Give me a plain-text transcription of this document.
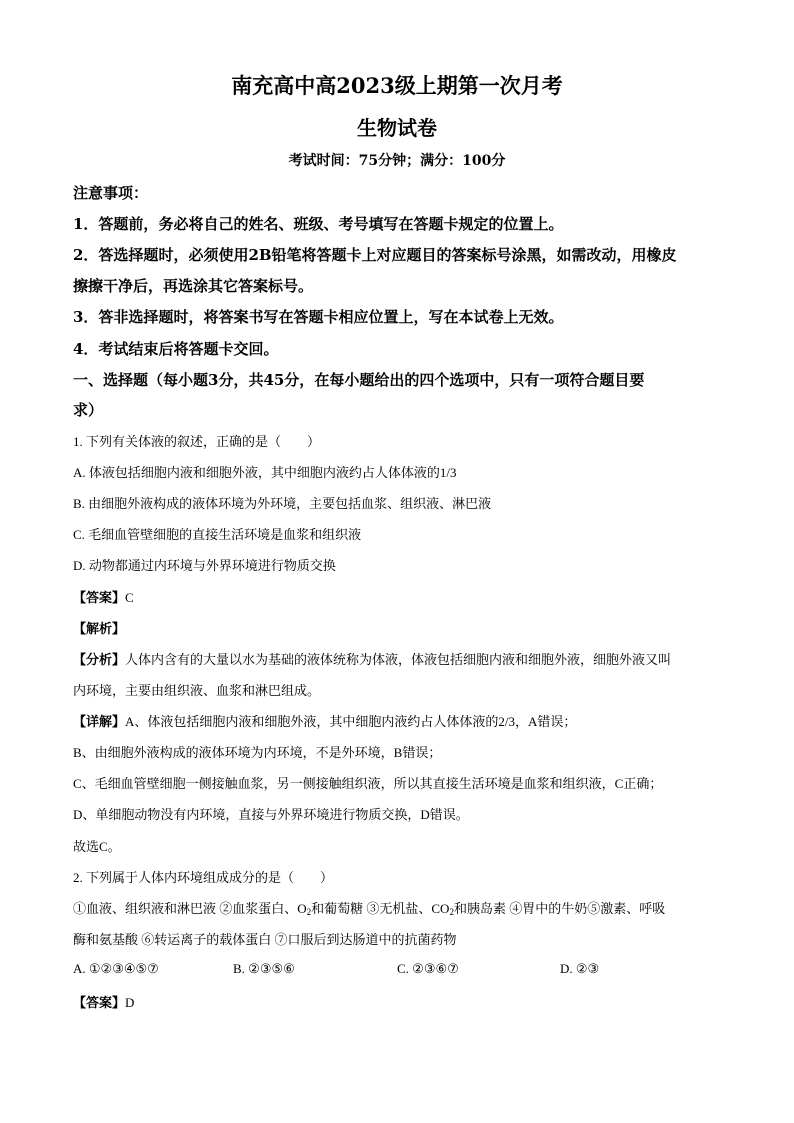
南充高中高2023级上期第一次月考
生物试卷
考试时间：75分钟；满分：100分
注意事项：
1．答题前，务必将自己的姓名、班级、考号填写在答题卡规定的位置上。
2．答选择题时，必须使用2B铅笔将答题卡上对应题目的答案标号涂黑，如需改动，用橡皮
擦擦干净后，再选涂其它答案标号。
3．答非选择题时，将答案书写在答题卡相应位置上，写在本试卷上无效。
4．考试结束后将答题卡交回。
一、选择题（每小题3分，共45分，在每小题给出的四个选项中，只有一项符合题目要
求）
1. 下列有关体液的叙述，正确的是（　　）
A. 体液包括细胞内液和细胞外液，其中细胞内液约占人体体液的1/3
B. 由细胞外液构成的液体环境为外环境，主要包括血浆、组织液、淋巴液
C. 毛细血管壁细胞的直接生活环境是血浆和组织液
D. 动物都通过内环境与外界环境进行物质交换
【答案】C
【解析】
【分析】人体内含有的大量以水为基础的液体统称为体液，体液包括细胞内液和细胞外液，细胞外液又叫
内环境，主要由组织液、血浆和淋巴组成。
【详解】A、体液包括细胞内液和细胞外液，其中细胞内液约占人体体液的2/3，A错误；
B、由细胞外液构成的液体环境为内环境，不是外环境，B错误；
C、毛细血管壁细胞一侧接触血浆，另一侧接触组织液，所以其直接生活环境是血浆和组织液，C正确；
D、单细胞动物没有内环境，直接与外界环境进行物质交换，D错误。
故选C。
2. 下列属于人体内环境组成成分的是（　　）
①血液、组织液和淋巴液 ②血浆蛋白、$O_2$和葡萄糖 ③无机盐、$CO_2$和胰岛素 ④胃中的牛奶⑤激素、呼吸
酶和氨基酸 ⑥转运离子的载体蛋白 ⑦口服后到达肠道中的抗菌药物
A. ①②③④⑤⑦	B. ②③⑤⑥	C. ②③⑥⑦	D. ②③
【答案】D
